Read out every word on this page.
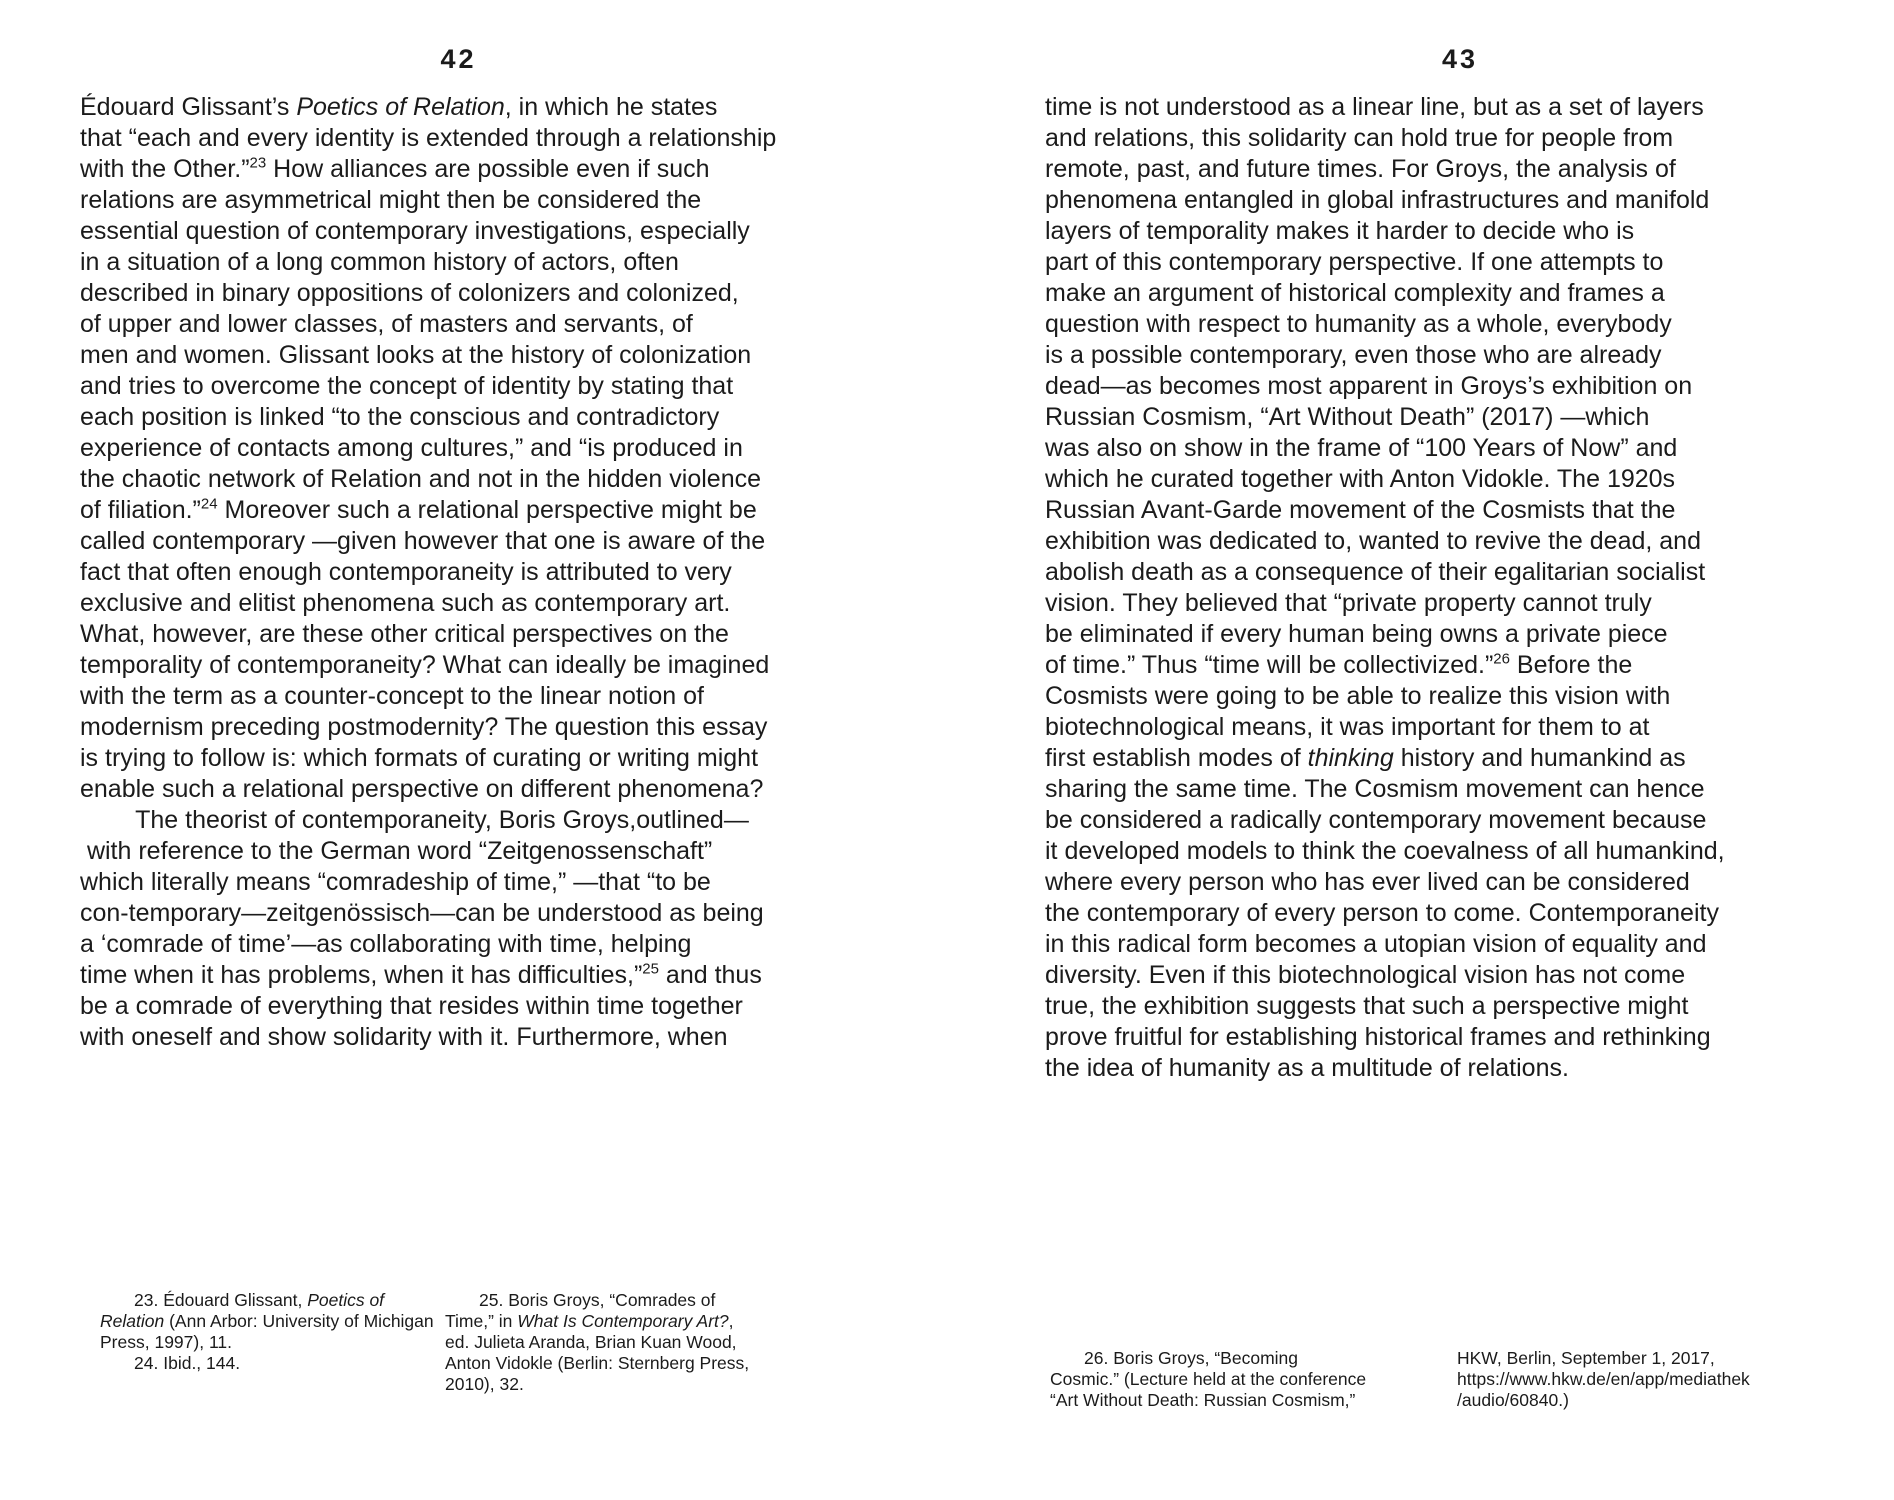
42
Édouard Glissant’s Poetics of Relation, in which he states
that “each and every identity is extended through a relationship
with the Other.”$^{23}$ How alliances are possible even if such
relations are asymmetrical might then be considered the
essential question of contemporary investigations, especially
in a situation of a long common history of actors, often
described in binary oppositions of colonizers and colonized,
of upper and lower classes, of masters and servants, of
men and women. Glissant looks at the history of colonization
and tries to overcome the concept of identity by stating that
each position is linked “to the conscious and contradictory
experience of contacts among cultures,” and “is produced in
the chaotic network of Relation and not in the hidden violence
of filiation.”$^{24}$ Moreover such a relational perspective might be
called contemporary —given however that one is aware of the
fact that often enough contemporaneity is attributed to very
exclusive and elitist phenomena such as contemporary art.
What, however, are these other critical perspectives on the
temporality of contemporaneity? What can ideally be imagined
with the term as a counter-concept to the linear notion of
modernism preceding postmodernity? The question this essay
is trying to follow is: which formats of curating or writing might
enable such a relational perspective on different phenomena?
The theorist of contemporaneity, Boris Groys,outlined—
with reference to the German word “Zeitgenossenschaft”
which literally means “comradeship of time,” —that “to be
con-temporary—zeitgenössisch—can be understood as being
a ‘comrade of time’—as collaborating with time, helping
time when it has problems, when it has difficulties,”$^{25}$ and thus
be a comrade of everything that resides within time together
with oneself and show solidarity with it. Furthermore, when
23. Édouard Glissant, Poetics of
Relation (Ann Arbor: University of Michigan
Press, 1997), 11.
24. Ibid., 144.
25. Boris Groys, “Comrades of
Time,” in What Is Contemporary Art?,
ed. Julieta Aranda, Brian Kuan Wood,
Anton Vidokle (Berlin: Sternberg Press,
2010), 32.
43
time is not understood as a linear line, but as a set of layers
and relations, this solidarity can hold true for people from
remote, past, and future times. For Groys, the analysis of
phenomena entangled in global infrastructures and manifold
layers of temporality makes it harder to decide who is
part of this contemporary perspective. If one attempts to
make an argument of historical complexity and frames a
question with respect to humanity as a whole, everybody
is a possible contemporary, even those who are already
dead—as becomes most apparent in Groys’s exhibition on
Russian Cosmism, “Art Without Death” (2017) —which
was also on show in the frame of “100 Years of Now” and
which he curated together with Anton Vidokle. The 1920s
Russian Avant-Garde movement of the Cosmists that the
exhibition was dedicated to, wanted to revive the dead, and
abolish death as a consequence of their egalitarian socialist
vision. They believed that “private property cannot truly
be eliminated if every human being owns a private piece
of time.” Thus “time will be collectivized.”$^{26}$ Before the
Cosmists were going to be able to realize this vision with
biotechnological means, it was important for them to at
first establish modes of thinking history and humankind as
sharing the same time. The Cosmism movement can hence
be considered a radically contemporary movement because
it developed models to think the coevalness of all humankind,
where every person who has ever lived can be considered
the contemporary of every person to come. Contemporaneity
in this radical form becomes a utopian vision of equality and
diversity. Even if this biotechnological vision has not come
true, the exhibition suggests that such a perspective might
prove fruitful for establishing historical frames and rethinking
the idea of humanity as a multitude of relations.
26. Boris Groys, “Becoming
Cosmic.” (Lecture held at the conference
“Art Without Death: Russian Cosmism,”
HKW, Berlin, September 1, 2017,
https://www.hkw.de/en/app/mediathek
/audio/60840.)
